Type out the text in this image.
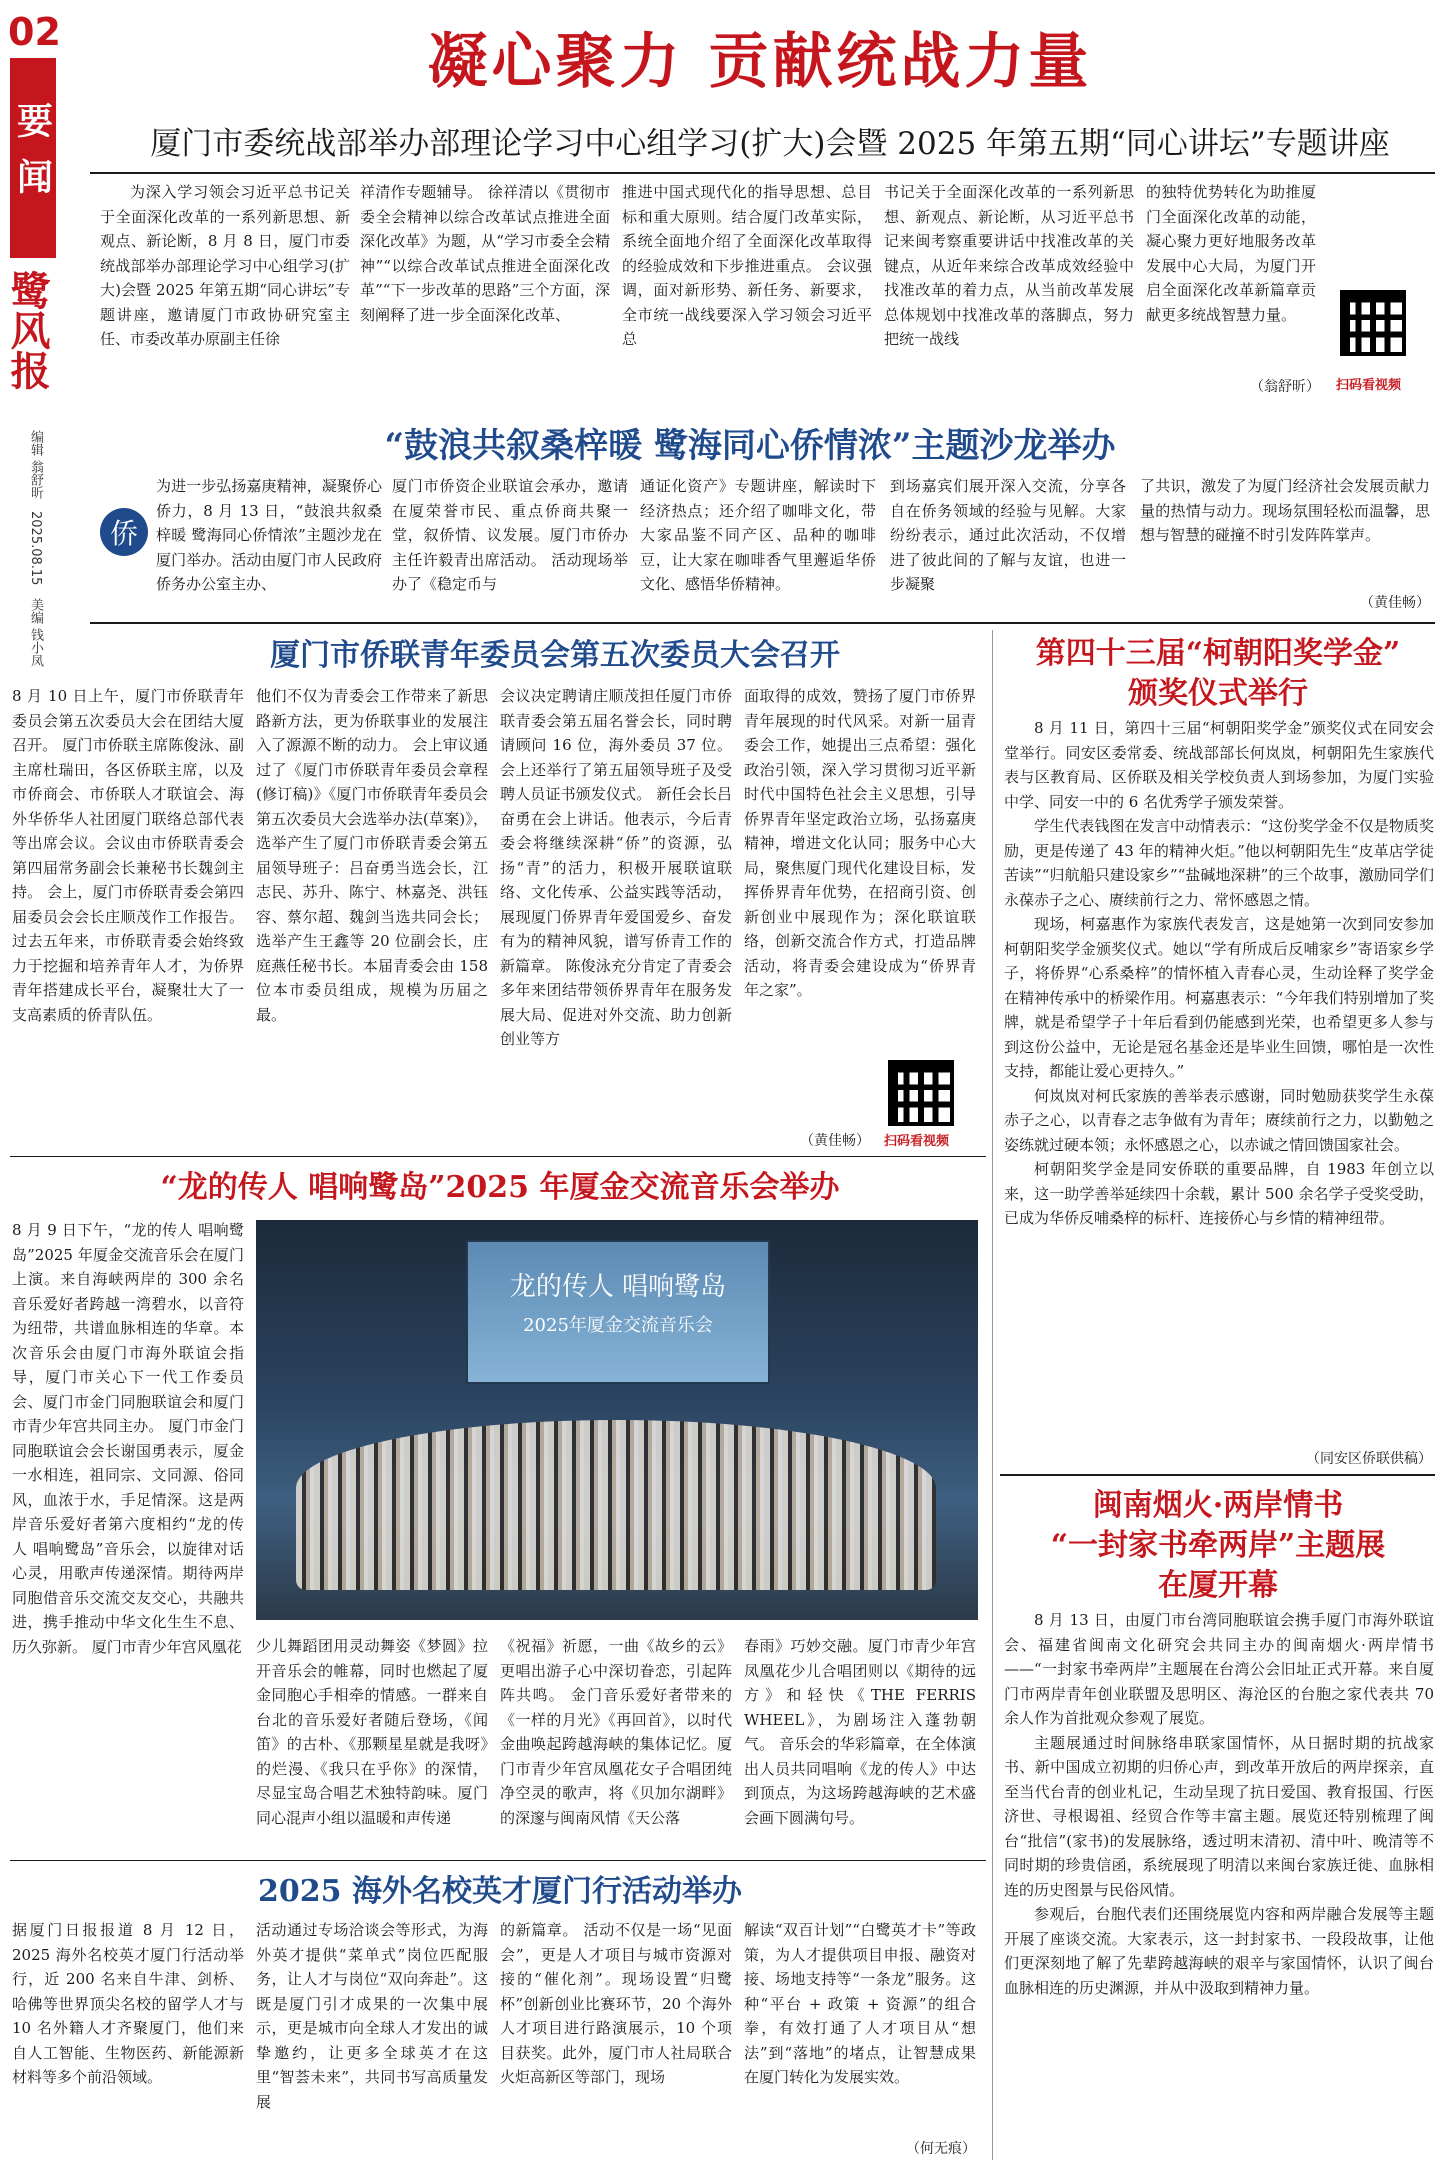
02
要闻
鹭风报
编辑 翁舒昕 2025.08.15 美编 钱小凤
凝心聚力 贡献统战力量
厦门市委统战部举办部理论学习中心组学习(扩大)会暨 2025 年第五期“同心讲坛”专题讲座
为深入学习领会习近平总书记关于全面深化改革的一系列新思想、新观点、新论断，8 月 8 日，厦门市委统战部举办部理论学习中心组学习(扩大)会暨 2025 年第五期“同心讲坛”专题讲座，邀请厦门市政协研究室主任、市委改革办原副主任徐
祥清作专题辅导。 徐祥清以《贯彻市委全会精神以综合改革试点推进全面深化改革》为题，从“学习市委全会精神”“以综合改革试点推进全面深化改革”“下一步改革的思路”三个方面，深刻阐释了进一步全面深化改革、
推进中国式现代化的指导思想、总目标和重大原则。结合厦门改革实际，系统全面地介绍了全面深化改革取得的经验成效和下步推进重点。 会议强调，面对新形势、新任务、新要求，全市统一战线要深入学习领会习近平总
书记关于全面深化改革的一系列新思想、新观点、新论断，从习近平总书记来闽考察重要讲话中找准改革的关键点，从近年来综合改革成效经验中找准改革的着力点，从当前改革发展总体规划中找准改革的落脚点，努力把统一战线
的独特优势转化为助推厦门全面深化改革的动能，凝心聚力更好地服务改革发展中心大局，为厦门开启全面深化改革新篇章贡献更多统战智慧力量。
扫码看视频
（翁舒昕）
“鼓浪共叙桑梓暖 鹭海同心侨情浓”主题沙龙举办
侨
为进一步弘扬嘉庚精神，凝聚侨心侨力，8 月 13 日，“鼓浪共叙桑梓暖 鹭海同心侨情浓”主题沙龙在厦门举办。活动由厦门市人民政府侨务办公室主办、
厦门市侨资企业联谊会承办，邀请在厦荣誉市民、重点侨商共聚一堂，叙侨情、议发展。厦门市侨办主任许毅青出席活动。 活动现场举办了《稳定币与
通证化资产》专题讲座，解读时下经济热点；还介绍了咖啡文化，带大家品鉴不同产区、品种的咖啡豆，让大家在咖啡香气里邂逅华侨文化、感悟华侨精神。
到场嘉宾们展开深入交流，分享各自在侨务领域的经验与见解。大家纷纷表示，通过此次活动，不仅增进了彼此间的了解与友谊，也进一步凝聚
了共识，激发了为厦门经济社会发展贡献力量的热情与动力。现场氛围轻松而温馨，思想与智慧的碰撞不时引发阵阵掌声。
（黄佳畅）
厦门市侨联青年委员会第五次委员大会召开
8 月 10 日上午，厦门市侨联青年委员会第五次委员大会在团结大厦召开。 厦门市侨联主席陈俊泳、副主席杜瑞田，各区侨联主席，以及市侨商会、市侨联人才联谊会、海外华侨华人社团厦门联络总部代表等出席会议。会议由市侨联青委会第四届常务副会长兼秘书长魏剑主持。 会上，厦门市侨联青委会第四届委员会会长庄顺茂作工作报告。过去五年来，市侨联青委会始终致力于挖掘和培养青年人才，为侨界青年搭建成长平台，凝聚壮大了一支高素质的侨青队伍。
他们不仅为青委会工作带来了新思路新方法，更为侨联事业的发展注入了源源不断的动力。 会上审议通过了《厦门市侨联青年委员会章程(修订稿)》《厦门市侨联青年委员会第五次委员大会选举办法(草案)》，选举产生了厦门市侨联青委会第五届领导班子：吕奋勇当选会长，江志民、苏升、陈宁、林嘉尧、洪钰容、蔡尔超、魏剑当选共同会长；选举产生王鑫等 20 位副会长，庄庭燕任秘书长。本届青委会由 158 位本市委员组成，规模为历届之最。
会议决定聘请庄顺茂担任厦门市侨联青委会第五届名誉会长，同时聘请顾问 16 位，海外委员 37 位。会上还举行了第五届领导班子及受聘人员证书颁发仪式。 新任会长吕奋勇在会上讲话。他表示，今后青委会将继续深耕“侨”的资源，弘扬“青”的活力，积极开展联谊联络、文化传承、公益实践等活动，展现厦门侨界青年爱国爱乡、奋发有为的精神风貌，谱写侨青工作的新篇章。 陈俊泳充分肯定了青委会多年来团结带领侨界青年在服务发展大局、促进对外交流、助力创新创业等方
面取得的成效，赞扬了厦门市侨界青年展现的时代风采。对新一届青委会工作，她提出三点希望：强化政治引领，深入学习贯彻习近平新时代中国特色社会主义思想，引导侨界青年坚定政治立场，弘扬嘉庚精神，增进文化认同；服务中心大局，聚焦厦门现代化建设目标，发挥侨界青年优势，在招商引资、创新创业中展现作为；深化联谊联络，创新交流合作方式，打造品牌活动，将青委会建设成为“侨界青年之家”。
扫码看视频
（黄佳畅）
第四十三届“柯朝阳奖学金”
颁奖仪式举行

8 月 11 日，第四十三届“柯朝阳奖学金”颁奖仪式在同安会堂举行。同安区委常委、统战部部长何岚岚，柯朝阳先生家族代表与区教育局、区侨联及相关学校负责人到场参加，为厦门实验中学、同安一中的 6 名优秀学子颁发荣誉。

学生代表钱图在发言中动情表示：“这份奖学金不仅是物质奖励，更是传递了 43 年的精神火炬。”他以柯朝阳先生“皮革店学徒苦读”“归航船只建设家乡”“盐碱地深耕”的三个故事，激励同学们永葆赤子之心、赓续前行之力、常怀感恩之情。

现场，柯嘉惠作为家族代表发言，这是她第一次到同安参加柯朝阳奖学金颁奖仪式。她以“学有所成后反哺家乡”寄语家乡学子，将侨界“心系桑梓”的情怀植入青春心灵，生动诠释了奖学金在精神传承中的桥梁作用。柯嘉惠表示：“今年我们特别增加了奖牌，就是希望学子十年后看到仍能感到光荣，也希望更多人参与到这份公益中，无论是冠名基金还是毕业生回馈，哪怕是一次性支持，都能让爱心更持久。”

何岚岚对柯氏家族的善举表示感谢，同时勉励获奖学生永葆赤子之心，以青春之志争做有为青年；赓续前行之力，以勤勉之姿练就过硬本领；永怀感恩之心，以赤诚之情回馈国家社会。

柯朝阳奖学金是同安侨联的重要品牌，自 1983 年创立以来，这一助学善举延续四十余载，累计 500 余名学子受奖受助，已成为华侨反哺桑梓的标杆、连接侨心与乡情的精神纽带。

（同安区侨联供稿）
闽南烟火·两岸情书
“一封家书牵两岸”主题展
在厦开幕

8 月 13 日，由厦门市台湾同胞联谊会携手厦门市海外联谊会、福建省闽南文化研究会共同主办的闽南烟火·两岸情书——“一封家书牵两岸”主题展在台湾公会旧址正式开幕。来自厦门市两岸青年创业联盟及思明区、海沧区的台胞之家代表共 70 余人作为首批观众参观了展览。

主题展通过时间脉络串联家国情怀，从日据时期的抗战家书、新中国成立初期的归侨心声，到改革开放后的两岸探亲，直至当代台青的创业札记，生动呈现了抗日爱国、教育报国、行医济世、寻根谒祖、经贸合作等丰富主题。展览还特别梳理了闽台“批信”(家书)的发展脉络，透过明末清初、清中叶、晚清等不同时期的珍贵信函，系统展现了明清以来闽台家族迁徙、血脉相连的历史图景与民俗风情。

参观后，台胞代表们还围绕展览内容和两岸融合发展等主题开展了座谈交流。大家表示，这一封封家书、一段段故事，让他们更深刻地了解了先辈跨越海峡的艰辛与家国情怀，认识了闽台血脉相连的历史渊源，并从中汲取到精神力量。

“龙的传人 唱响鹭岛”2025 年厦金交流音乐会举办
8 月 9 日下午，“龙的传人 唱响鹭岛”2025 年厦金交流音乐会在厦门上演。来自海峡两岸的 300 余名音乐爱好者跨越一湾碧水，以音符为纽带，共谱血脉相连的华章。本次音乐会由厦门市海外联谊会指导，厦门市关心下一代工作委员会、厦门市金门同胞联谊会和厦门市青少年宫共同主办。 厦门市金门同胞联谊会会长谢国勇表示，厦金一水相连，祖同宗、文同源、俗同风，血浓于水，手足情深。这是两岸音乐爱好者第六度相约“龙的传人 唱响鹭岛”音乐会，以旋律对话心灵，用歌声传递深情。期待两岸同胞借音乐交流交友交心，共融共进，携手推动中华文化生生不息、历久弥新。 厦门市青少年宫风凰花
龙的传人 唱响鹭岛
2025年厦金交流音乐会
少儿舞蹈团用灵动舞姿《梦圆》拉开音乐会的帷幕，同时也燃起了厦金同胞心手相牵的情感。一群来自台北的音乐爱好者随后登场，《闻笛》的古朴、《那颗星星就是我呀》的烂漫、《我只在乎你》的深情，尽显宝岛合唱艺术独特韵味。厦门同心混声小组以温暖和声传递
《祝福》祈愿，一曲《故乡的云》更唱出游子心中深切眷恋，引起阵阵共鸣。 金门音乐爱好者带来的《一样的月光》《再回首》，以时代金曲唤起跨越海峡的集体记忆。厦门市青少年宫凤凰花女子合唱团纯净空灵的歌声，将《贝加尔湖畔》的深邃与闽南风情《天公落
春雨》巧妙交融。厦门市青少年宫凤凰花少儿合唱团则以《期待的远方》和轻快《THE FERRIS WHEEL》，为剧场注入蓬勃朝气。 音乐会的华彩篇章，在全体演出人员共同唱响《龙的传人》中达到顶点，为这场跨越海峡的艺术盛会画下圆满句号。
2025 海外名校英才厦门行活动举办
据厦门日报报道 8 月 12 日，2025 海外名校英才厦门行活动举行，近 200 名来自牛津、剑桥、哈佛等世界顶尖名校的留学人才与 10 名外籍人才齐聚厦门，他们来自人工智能、生物医药、新能源新材料等多个前沿领域。
活动通过专场洽谈会等形式，为海外英才提供“菜单式”岗位匹配服务，让人才与岗位“双向奔赴”。这既是厦门引才成果的一次集中展示，更是城市向全球人才发出的诚挚邀约，让更多全球英才在这里“智荟未来”，共同书写高质量发展
的新篇章。 活动不仅是一场“见面会”，更是人才项目与城市资源对接的“催化剂”。现场设置“归鹭杯”创新创业比赛环节，20 个海外人才项目进行路演展示，10 个项目获奖。此外，厦门市人社局联合火炬高新区等部门，现场
解读“双百计划”“白鹭英才卡”等政策，为人才提供项目申报、融资对接、场地支持等“一条龙”服务。这种“平台 + 政策 + 资源”的组合拳，有效打通了人才项目从“想法”到“落地”的堵点，让智慧成果在厦门转化为发展实效。
（何无痕）
